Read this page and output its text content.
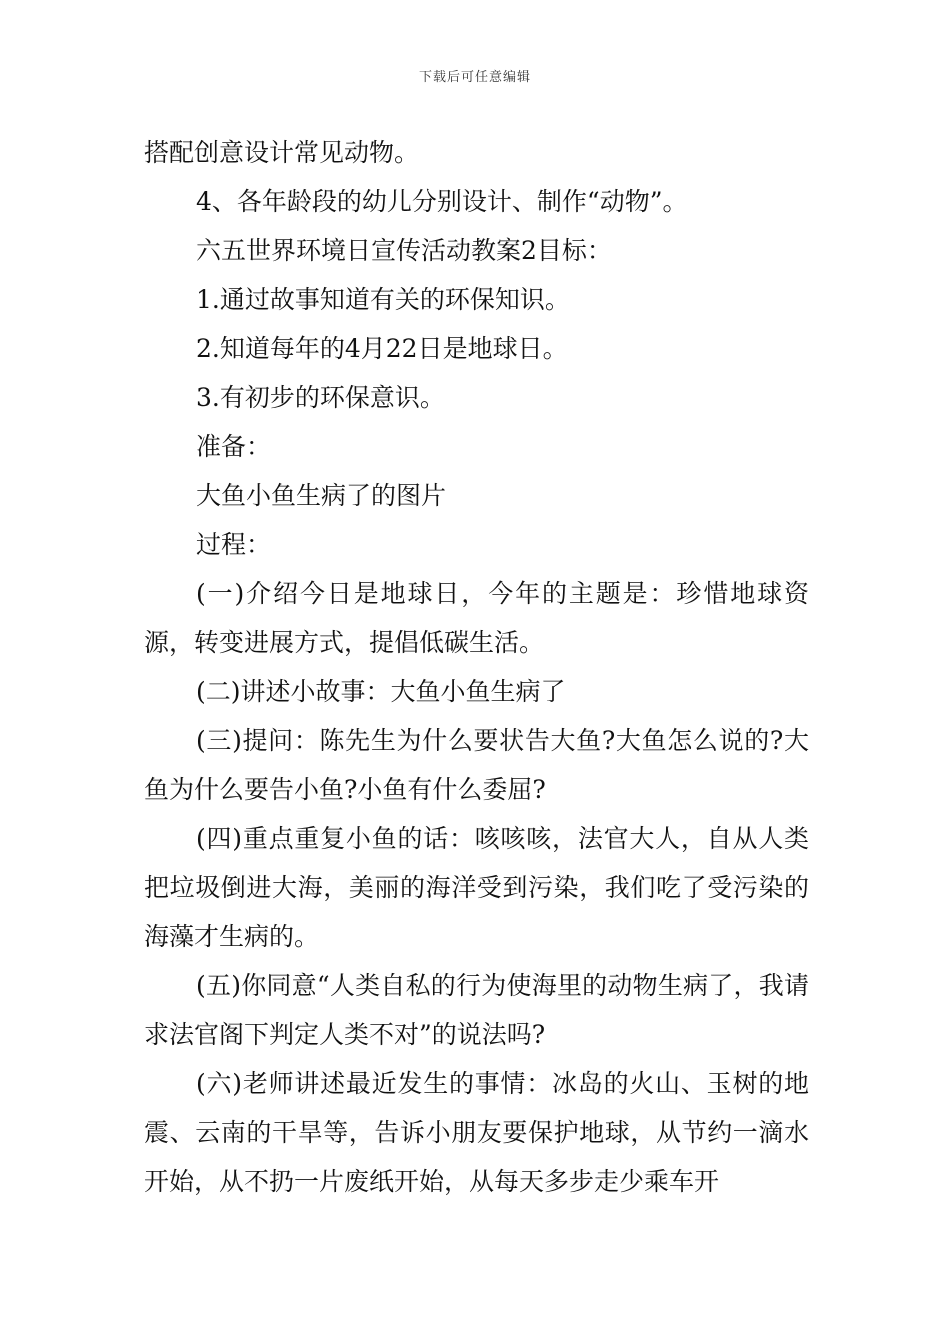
下载后可任意编辑

搭配创意设计常见动物。

4、各年龄段的幼儿分别设计、制作“动物”。

六五世界环境日宣传活动教案2目标：

1.通过故事知道有关的环保知识。

2.知道每年的4月22日是地球日。

3.有初步的环保意识。

准备：

大鱼小鱼生病了的图片

过程：

(一)介绍今日是地球日，今年的主题是：珍惜地球资源，转变进展方式，提倡低碳生活。

(二)讲述小故事：大鱼小鱼生病了

(三)提问：陈先生为什么要状告大鱼?大鱼怎么说的?大鱼为什么要告小鱼?小鱼有什么委屈?

(四)重点重复小鱼的话：咳咳咳，法官大人，自从人类把垃圾倒进大海，美丽的海洋受到污染，我们吃了受污染的海藻才生病的。

(五)你同意“人类自私的行为使海里的动物生病了，我请求法官阁下判定人类不对”的说法吗?

(六)老师讲述最近发生的事情：冰岛的火山、玉树的地震、云南的干旱等，告诉小朋友要保护地球，从节约一滴水开始，从不扔一片废纸开始，从每天多步走少乘车开
